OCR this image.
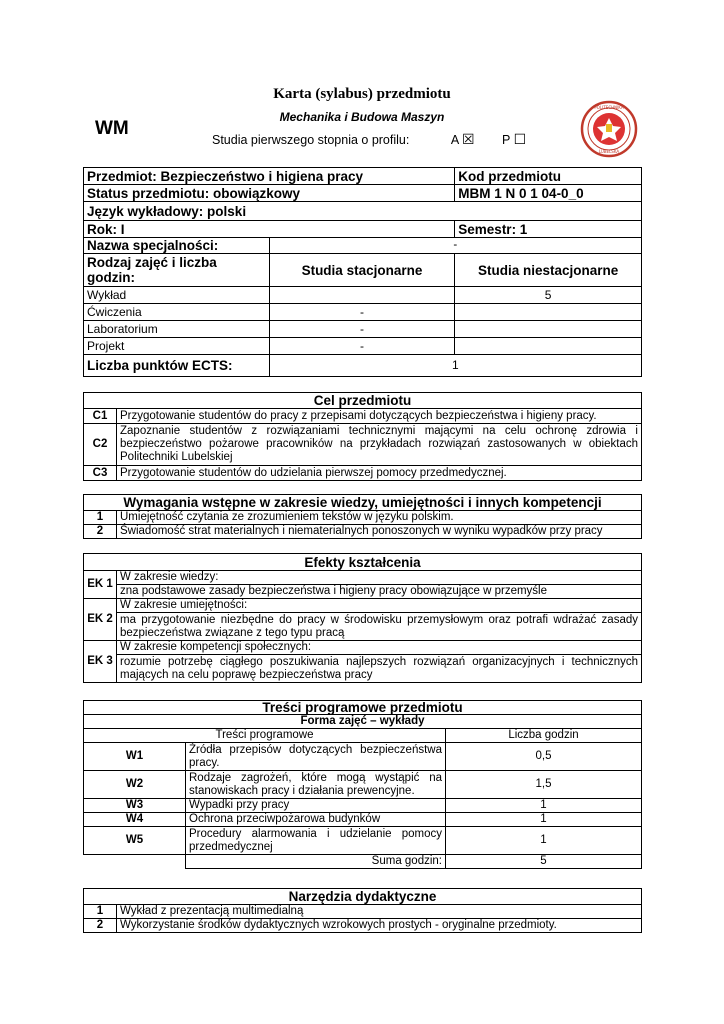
Karta (sylabus) przedmiotu
WM
Mechanika i Budowa Maszyn
Studia pierwszego stopnia o profilu:	A ☒ P ☐
POLITECHNIKA
LUBELSKA
Przedmiot: Bezpieczeństwo i higiena pracy		Kod przedmiotu
Status przedmiotu: obowiązkowy		MBM 1 N 0 1 04-0_0
Język wykładowy: polski		
Rok: I		Semestr: 1
Nazwa specjalności:	-	
Rodzaj zajęć i liczba godzin:	Studia stacjonarne	Studia niestacjonarne
Wykład		5
Ćwiczenia	-	
Laboratorium	-	
Projekt	-	
Liczba punktów ECTS:	1	
Cel przedmiotu	
C1	Przygotowanie studentów do pracy z przepisami dotyczących bezpieczeństwa i higieny pracy.
C2	Zapoznanie studentów z rozwiązaniami technicznymi mającymi na celu ochronę zdrowia i bezpieczeństwo pożarowe pracowników na przykładach rozwiązań zastosowanych w obiektach Politechniki Lubelskiej
C3	Przygotowanie studentów do udzielania pierwszej pomocy przedmedycznej.
Wymagania wstępne w zakresie wiedzy, umiejętności i innych kompetencji	
1	Umiejętność czytania ze zrozumieniem tekstów w języku polskim.
2	Świadomość strat materialnych i niematerialnych ponoszonych w wyniku wypadków przy pracy
Efekty kształcenia	
EK 1	W zakresie wiedzy:
	zna podstawowe zasady bezpieczeństwa i higieny pracy obowiązujące w przemyśle
EK 2	W zakresie umiejętności:
	ma przygotowanie niezbędne do pracy w środowisku przemysłowym oraz potrafi wdrażać zasady bezpieczeństwa związane z tego typu pracą
EK 3	W zakresie kompetencji społecznych:
	rozumie potrzebę ciągłego poszukiwania najlepszych rozwiązań organizacyjnych i technicznych mających na celu poprawę bezpieczeństwa pracy
Treści programowe przedmiotu		
Forma zajęć – wykłady		
Treści programowe		Liczba godzin
W1	Źródła przepisów dotyczących bezpieczeństwa pracy.	0,5
W2	Rodzaje zagrożeń, które mogą wystąpić na stanowiskach pracy i działania prewencyjne.	1,5
W3	Wypadki przy pracy	1
W4	Ochrona przeciwpożarowa budynków	1
W5	Procedury alarmowania i udzielanie pomocy przedmedycznej	1
	Suma godzin:	5
Narzędzia dydaktyczne	
1	Wykład z prezentacją multimedialną
2	Wykorzystanie środków dydaktycznych wzrokowych prostych - oryginalne przedmioty.
